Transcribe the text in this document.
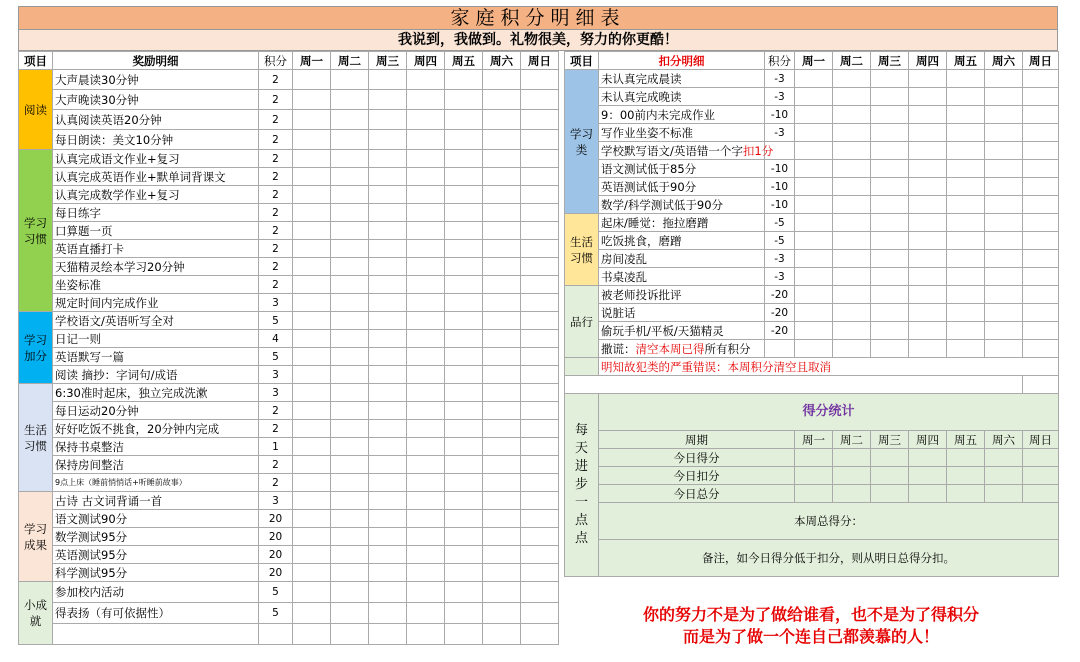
家庭积分明细表
我说到，我做到。礼物很美，努力的你更酷！
项目	奖励明细	积分	周一	周二	周三	周四	周五	周六	周日
阅读	大声晨读30分钟	2							
	大声晚读30分钟	2							
	认真阅读英语20分钟	2							
	每日朗读：美文10分钟	2							
学习习惯	认真完成语文作业+复习	2							
	认真完成英语作业+默单词背课文	2							
	认真完成数学作业+复习	2							
	每日练字	2							
	口算题一页	2							
	英语直播打卡	2							
	天猫精灵绘本学习20分钟	2							
	坐姿标准	2							
	规定时间内完成作业	3							
学习加分	学校语文/英语听写全对	5							
	日记一则	4							
	英语默写一篇	5							
	阅读 摘抄：字词句/成语	3							
生活习惯	6:30准时起床，独立完成洗漱	3							
	每日运动20分钟	2							
	好好吃饭不挑食，20分钟内完成	2							
	保持书桌整洁	1							
	保持房间整洁	2							
	9点上床（睡前悄悄话+听睡前故事）	2							
学习成果	古诗 古文词背诵一首	3							
	语文测试90分	20							
	数学测试95分	20							
	英语测试95分	20							
	科学测试95分	20							
小成就	参加校内活动	5							
	得表扬（有可依据性）	5							

项目	扣分明细	积分	周一	周二	周三	周四	周五	周六	周日
学习类	未认真完成晨读	-3							
	未认真完成晚读	-3							
	9：00前内未完成作业	-10							
	写作业坐姿不标准	-3							
	学校默写语文/英语错一个字扣1分								
	语文测试低于85分	-10							
	英语测试低于90分	-10							
	数学/科学测试低于90分	-10							
生活习惯	起床/睡觉：拖拉磨蹭	-5							
	吃饭挑食，磨蹭	-5							
	房间凌乱	-3							
	书桌凌乱	-3							
品行	被老师投诉批评	-20							
	说脏话	-20							
	偷玩手机/平板/天猫精灵	-20							
	撒谎：清空本周已得所有积分								
	明知故犯类的严重错误：本周积分清空且取消								

每天进步一点点	得分统计								
	周期		周一	周二	周三	周四	周五	周六	周日
	今日得分								
	今日扣分								
	今日总分								
	本周总得分：								
	备注，如今日得分低于扣分，则从明日总得分扣。								
你的努力不是为了做给谁看，也不是为了得积分
而是为了做一个连自己都羡慕的人！
